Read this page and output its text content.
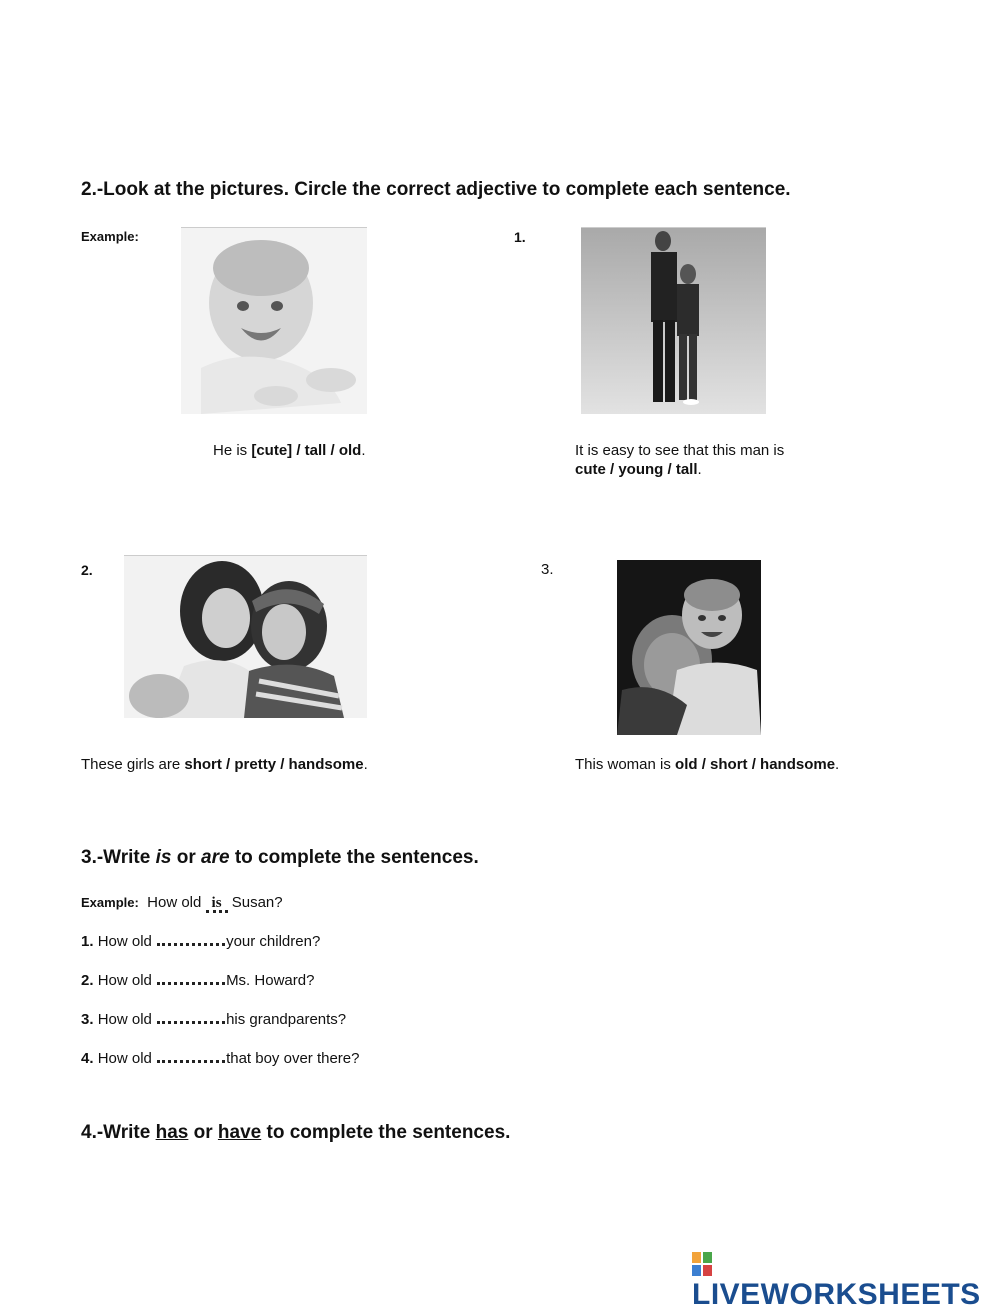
2.-Look at the pictures. Circle the correct adjective to complete each sentence.
Example:
He is [cute] / tall / old.
1.
It is easy to see that this man is
cute / young / tall.
2.
These girls are short / pretty / handsome.
3.
This woman is old / short / handsome.
3.-Write is or are to complete the sentences.
Example: How old is Susan?
1. How old	your children?
2. How old	Ms. Howard?
3. How old	his grandparents?
4. How old	that boy over there?
4.-Write has or have to complete the sentences.
LIVEWORKSHEETS
